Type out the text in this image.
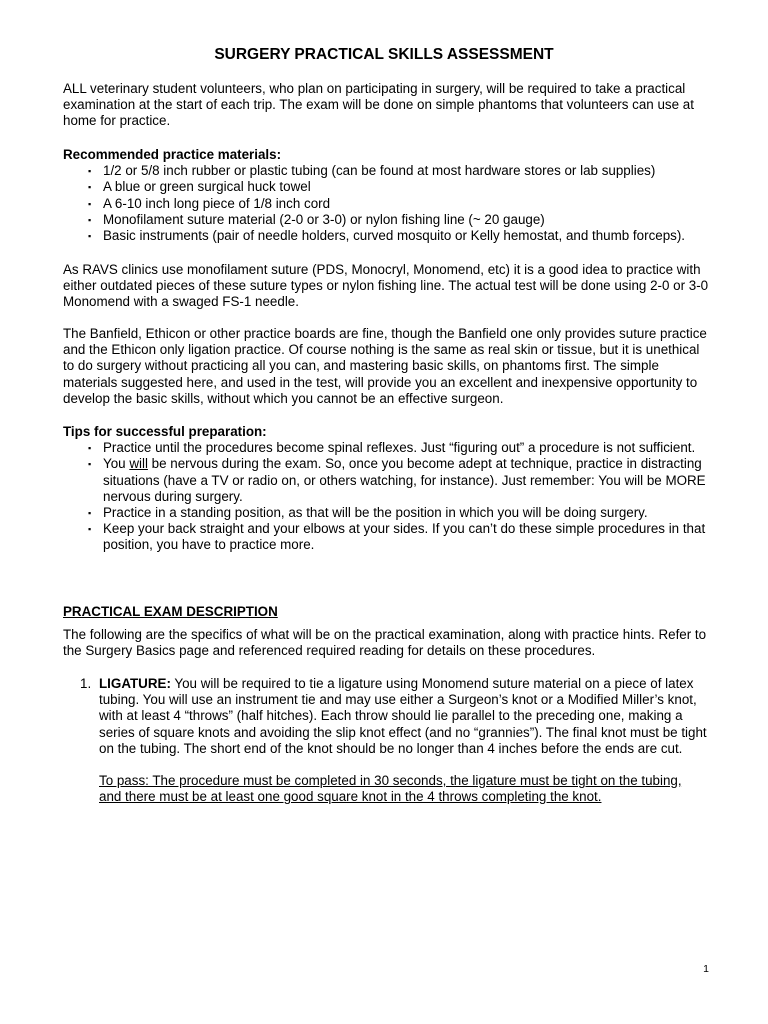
SURGERY PRACTICAL SKILLS ASSESSMENT

ALL veterinary student volunteers, who plan on participating in surgery, will be required to take a practical examination at the start of each trip. The exam will be done on simple phantoms that volunteers can use at home for practice.

Recommended practice materials:

▪ 1/2 or 5/8 inch rubber or plastic tubing (can be found at most hardware stores or lab supplies)
▪ A blue or green surgical huck towel
▪ A 6-10 inch long piece of 1/8 inch cord
▪ Monofilament suture material (2-0 or 3-0) or nylon fishing line (~ 20 gauge)
▪ Basic instruments (pair of needle holders, curved mosquito or Kelly hemostat, and thumb forceps).

As RAVS clinics use monofilament suture (PDS, Monocryl, Monomend, etc) it is a good idea to practice with either outdated pieces of these suture types or nylon fishing line. The actual test will be done using 2-0 or 3-0 Monomend with a swaged FS-1 needle.

The Banfield, Ethicon or other practice boards are fine, though the Banfield one only provides suture practice and the Ethicon only ligation practice. Of course nothing is the same as real skin or tissue, but it is unethical to do surgery without practicing all you can, and mastering basic skills, on phantoms first. The simple materials suggested here, and used in the test, will provide you an excellent and inexpensive opportunity to develop the basic skills, without which you cannot be an effective surgeon.

Tips for successful preparation:

▪ Practice until the procedures become spinal reflexes. Just “figuring out” a procedure is not sufficient.
▪ You will be nervous during the exam. So, once you become adept at technique, practice in distracting situations (have a TV or radio on, or others watching, for instance). Just remember: You will be MORE nervous during surgery.
▪ Practice in a standing position, as that will be the position in which you will be doing surgery.
▪ Keep your back straight and your elbows at your sides. If you can’t do these simple procedures in that position, you have to practice more.

PRACTICAL EXAM DESCRIPTION

The following are the specifics of what will be on the practical examination, along with practice hints. Refer to the Surgery Basics page and referenced required reading for details on these procedures.

1. LIGATURE: You will be required to tie a ligature using Monomend suture material on a piece of latex tubing. You will use an instrument tie and may use either a Surgeon’s knot or a Modified Miller’s knot, with at least 4 “throws” (half hitches). Each throw should lie parallel to the preceding one, making a series of square knots and avoiding the slip knot effect (and no “grannies”). The final knot must be tight on the tubing. The short end of the knot should be no longer than 4 inches before the ends are cut.

To pass: The procedure must be completed in 30 seconds, the ligature must be tight on the tubing, and there must be at least one good square knot in the 4 throws completing the knot.

1
